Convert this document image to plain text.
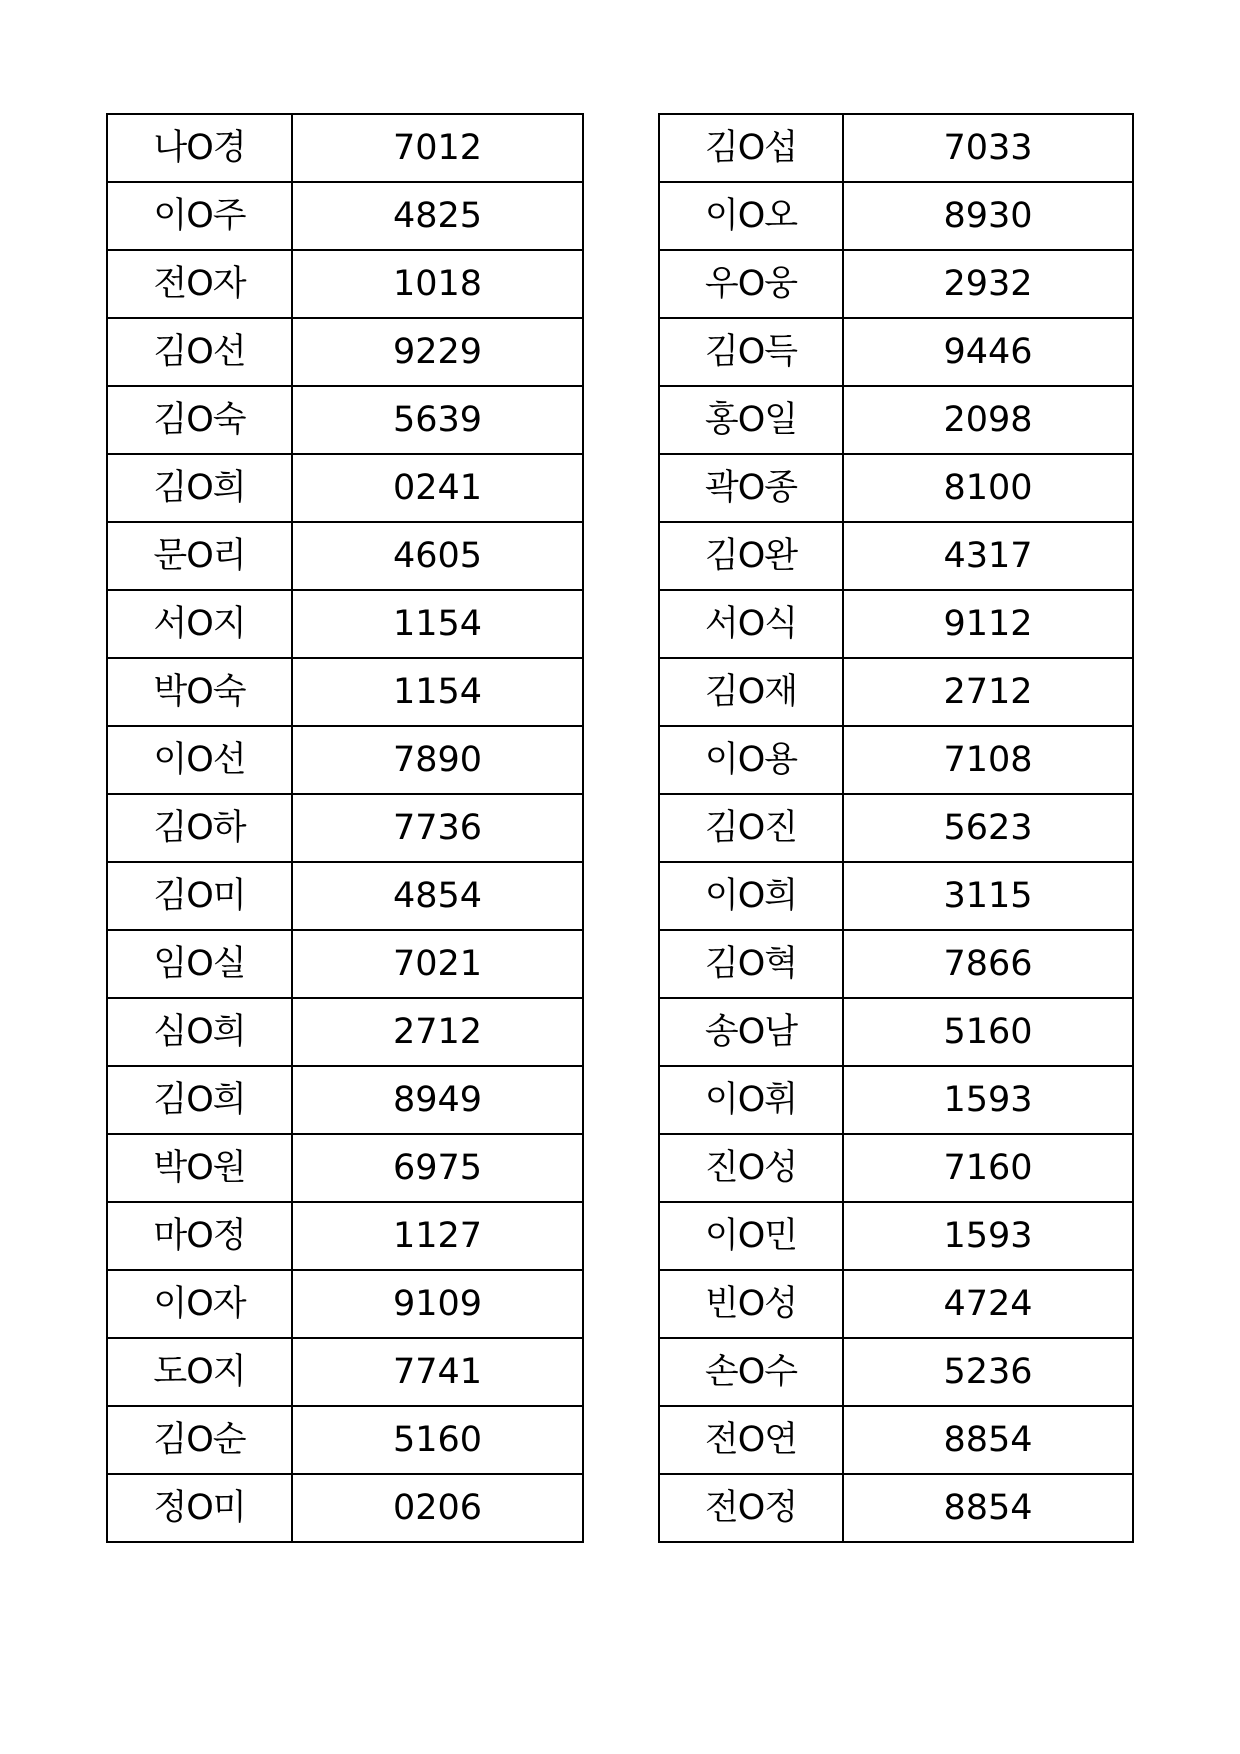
나O경	7012
이O주	4825
전O자	1018
김O선	9229
김O숙	5639
김O희	0241
문O리	4605
서O지	1154
박O숙	1154
이O선	7890
김O하	7736
김O미	4854
임O실	7021
심O희	2712
김O희	8949
박O원	6975
마O정	1127
이O자	9109
도O지	7741
김O순	5160
정O미	0206
김O섭	7033
이O오	8930
우O웅	2932
김O득	9446
홍O일	2098
곽O종	8100
김O완	4317
서O식	9112
김O재	2712
이O용	7108
김O진	5623
이O희	3115
김O혁	7866
송O남	5160
이O휘	1593
진O성	7160
이O민	1593
빈O성	4724
손O수	5236
전O연	8854
전O정	8854
